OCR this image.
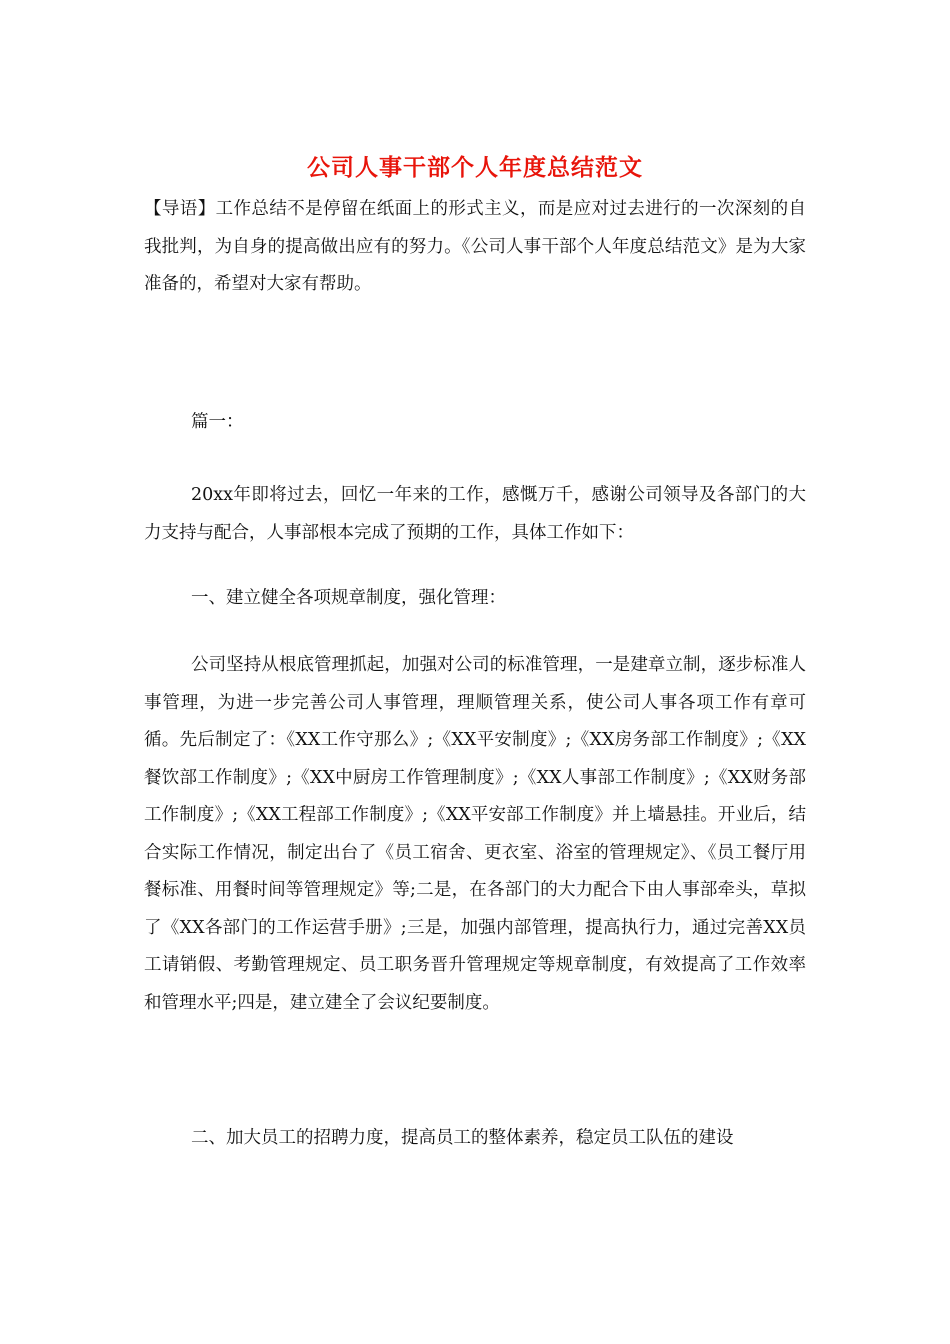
公司人事干部个人年度总结范文
【导语】工作总结不是停留在纸面上的形式主义，而是应对过去进行的一次深刻的自我批判，为自身的提高做出应有的努力。《公司人事干部个人年度总结范文》是为大家准备的，希望对大家有帮助。
篇一：
20xx年即将过去，回忆一年来的工作，感慨万千，感谢公司领导及各部门的大力支持与配合，人事部根本完成了预期的工作，具体工作如下：
一、建立健全各项规章制度，强化管理：
公司坚持从根底管理抓起，加强对公司的标准管理，一是建章立制，逐步标准人事管理，为进一步完善公司人事管理，理顺管理关系，使公司人事各项工作有章可循。先后制定了：《XX工作守那么》;《XX平安制度》;《XX房务部工作制度》;《XX餐饮部工作制度》;《XX中厨房工作管理制度》;《XX人事部工作制度》;《XX财务部工作制度》;《XX工程部工作制度》;《XX平安部工作制度》并上墙悬挂。开业后，结合实际工作情况，制定出台了《员工宿舍、更衣室、浴室的管理规定》、《员工餐厅用餐标准、用餐时间等管理规定》等;二是，在各部门的大力配合下由人事部牵头，草拟了《XX各部门的工作运营手册》;三是，加强内部管理，提高执行力，通过完善XX员工请销假、考勤管理规定、员工职务晋升管理规定等规章制度，有效提高了工作效率和管理水平;四是，建立建全了会议纪要制度。
二、加大员工的招聘力度，提高员工的整体素养，稳定员工队伍的建设
